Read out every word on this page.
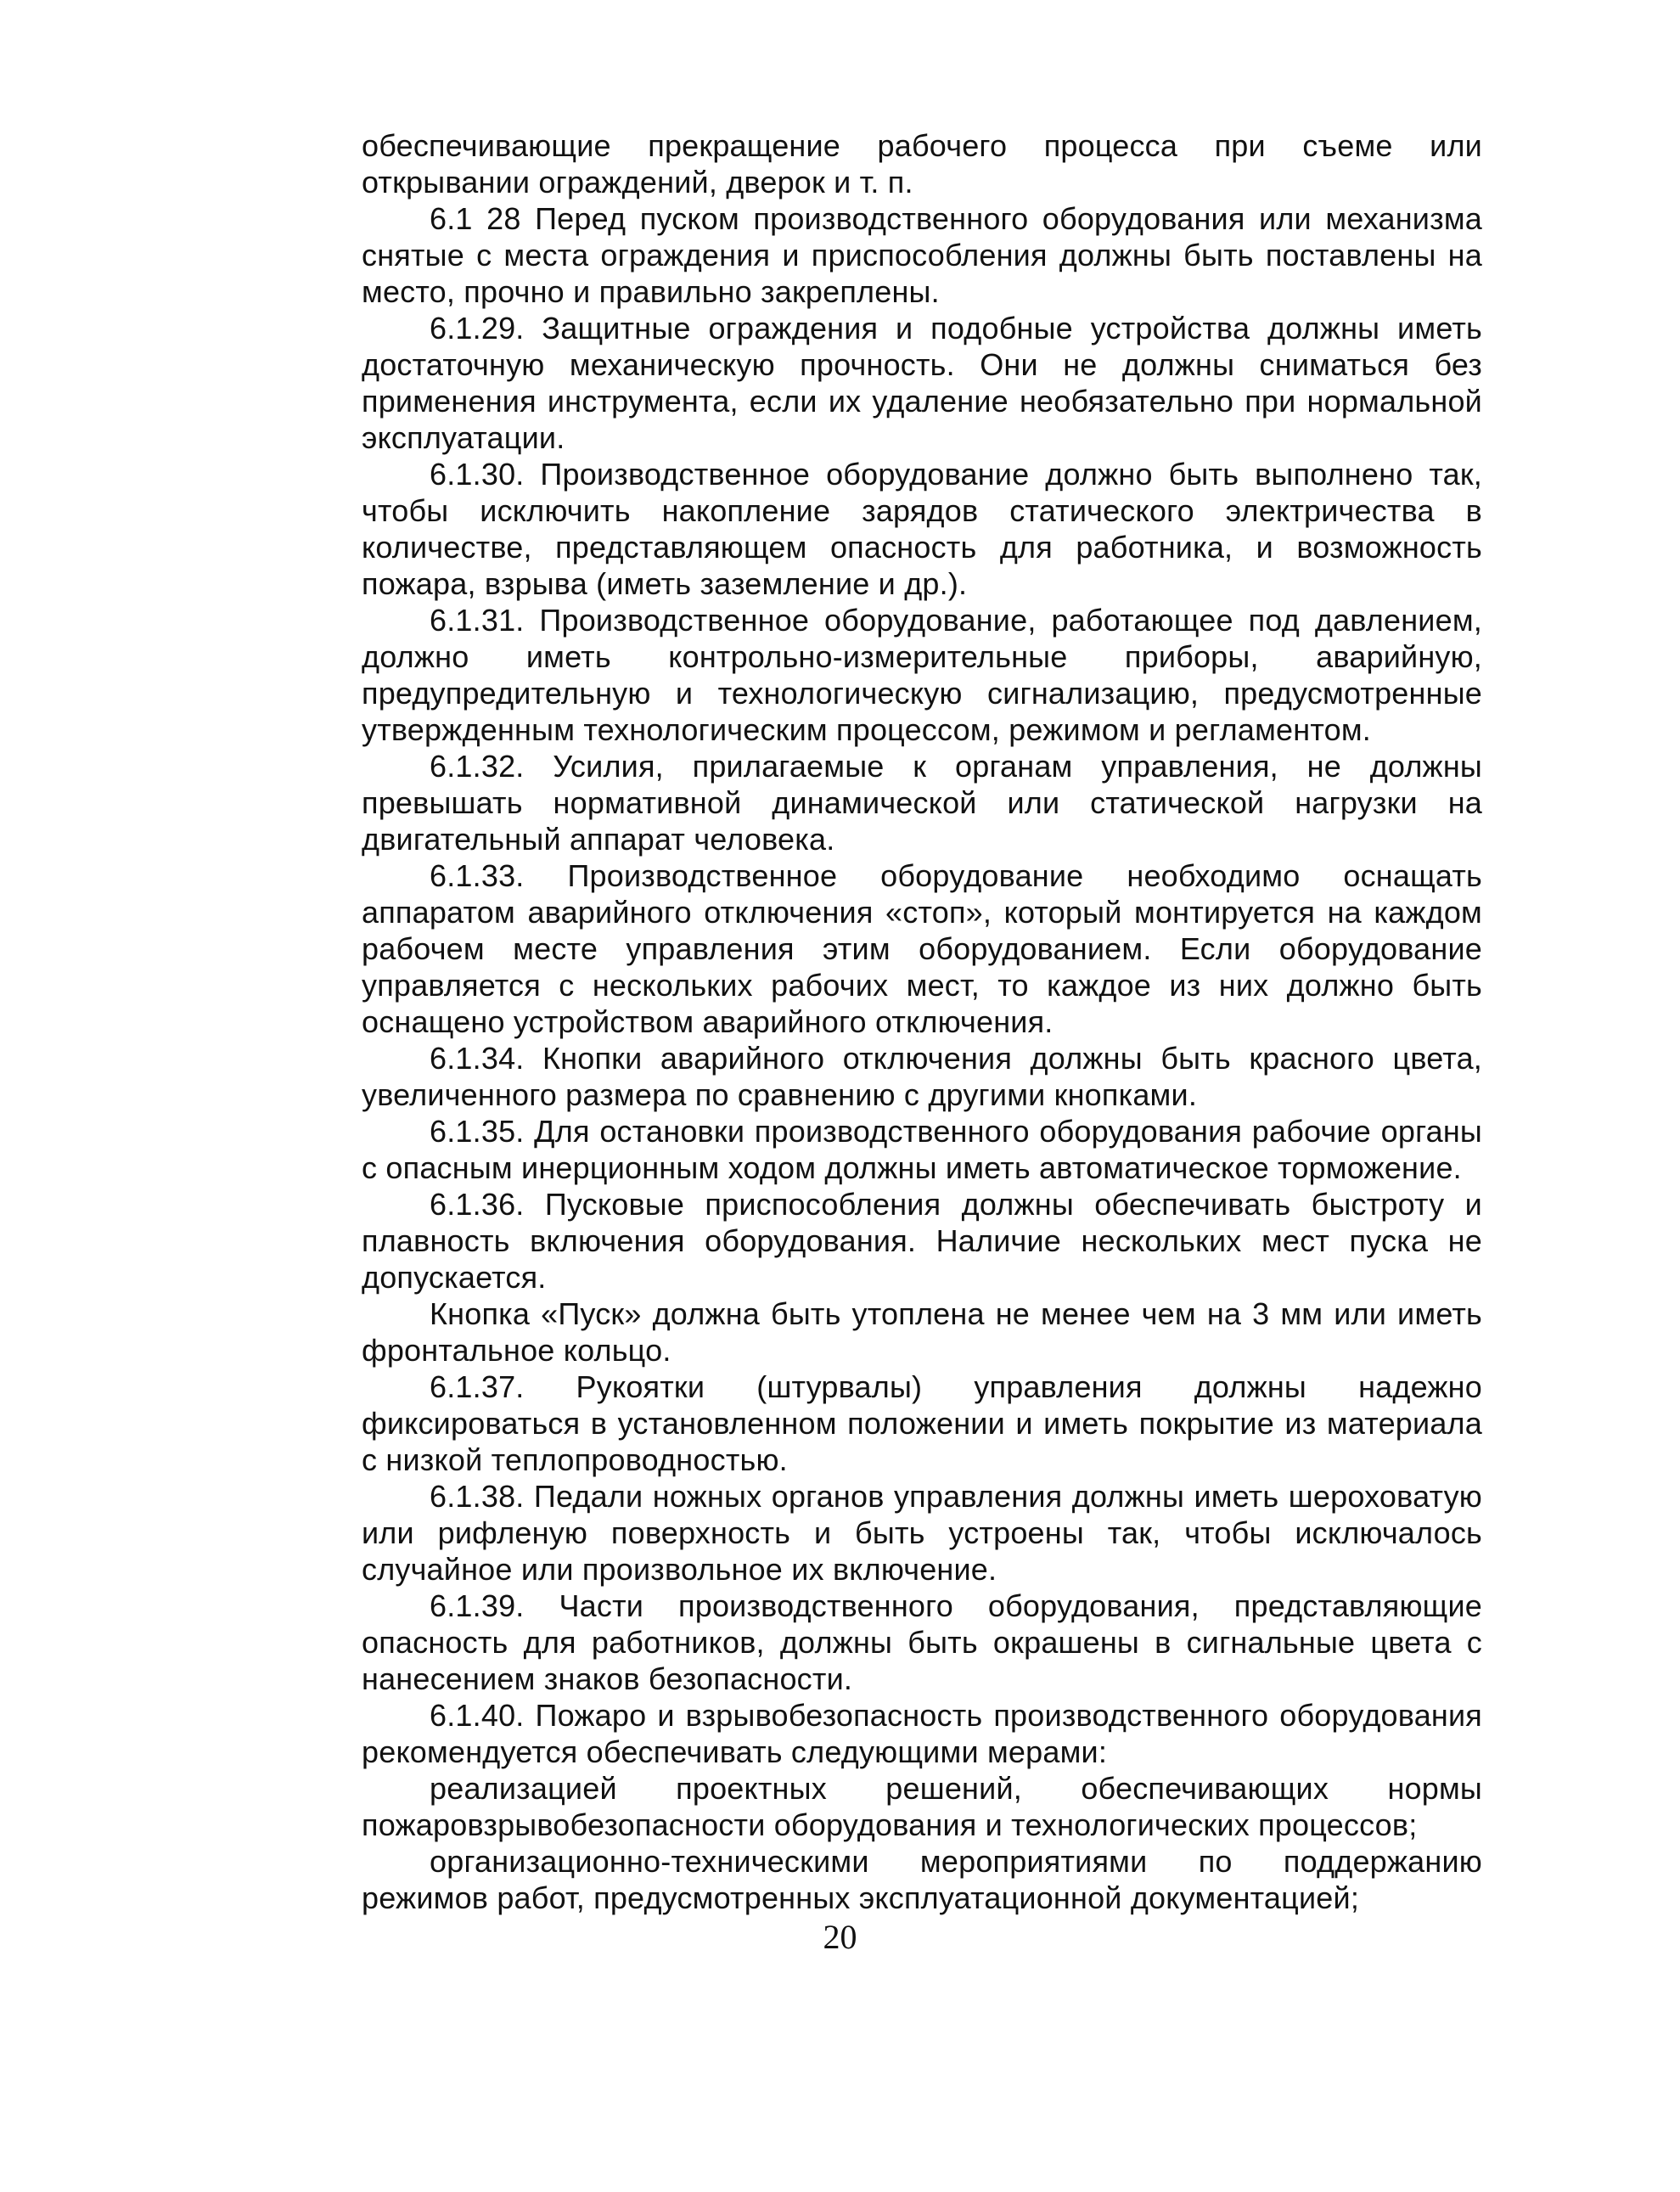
обеспечивающие прекращение рабочего процесса при съеме или открывании ограждений, дверок и т. п.

6.1 28 Перед пуском производственного оборудования или механизма снятые с места ограждения и приспособления должны быть поставлены на место, прочно и правильно закреплены.

6.1.29. Защитные ограждения и подобные устройства должны иметь достаточную механическую прочность. Они не должны сниматься без применения инструмента, если их удаление необязательно при нормальной эксплуатации.

6.1.30. Производственное оборудование должно быть выполнено так, чтобы исключить накопление зарядов статического электричества в количестве, представляющем опасность для работника, и возможность пожара, взрыва (иметь заземление и др.).

6.1.31. Производственное оборудование, работающее под давлением, должно иметь контрольно-измерительные приборы, аварийную, предупредительную и технологическую сигнализацию, предусмотренные утвержденным технологическим процессом, режимом и регламентом.

6.1.32. Усилия, прилагаемые к органам управления, не должны превышать нормативной динамической или статической нагрузки на двигательный аппарат человека.

6.1.33. Производственное оборудование необходимо оснащать аппаратом аварийного отключения «стоп», который монтируется на каждом рабочем месте управления этим оборудованием. Если оборудование управляется с нескольких рабочих мест, то каждое из них должно быть оснащено устройством аварийного отключения.

6.1.34. Кнопки аварийного отключения должны быть красного цвета, увеличенного размера по сравнению с другими кнопками.

6.1.35. Для остановки производственного оборудования рабочие органы с опасным инерционным ходом должны иметь автоматическое торможение.

6.1.36. Пусковые приспособления должны обеспечивать быстроту и плавность включения оборудования. Наличие нескольких мест пуска не допускается.

Кнопка «Пуск» должна быть утоплена не менее чем на 3 мм или иметь фронтальное кольцо.

6.1.37. Рукоятки (штурвалы) управления должны надежно фиксироваться в установленном положении и иметь покрытие из материала с низкой теплопроводностью.

6.1.38. Педали ножных органов управления должны иметь шероховатую или рифленую поверхность и быть устроены так, чтобы исключалось случайное или произвольное их включение.

6.1.39. Части производственного оборудования, представляющие опасность для работников, должны быть окрашены в сигнальные цвета с нанесением знаков безопасности.

6.1.40. Пожаро и взрывобезопасность производственного оборудования рекомендуется обеспечивать следующими мерами:

реализацией проектных решений, обеспечивающих нормы пожаровзрывобезопасности оборудования и технологических процессов;

организационно-техническими мероприятиями по поддержанию режимов работ, предусмотренных эксплуатационной документацией;

20
